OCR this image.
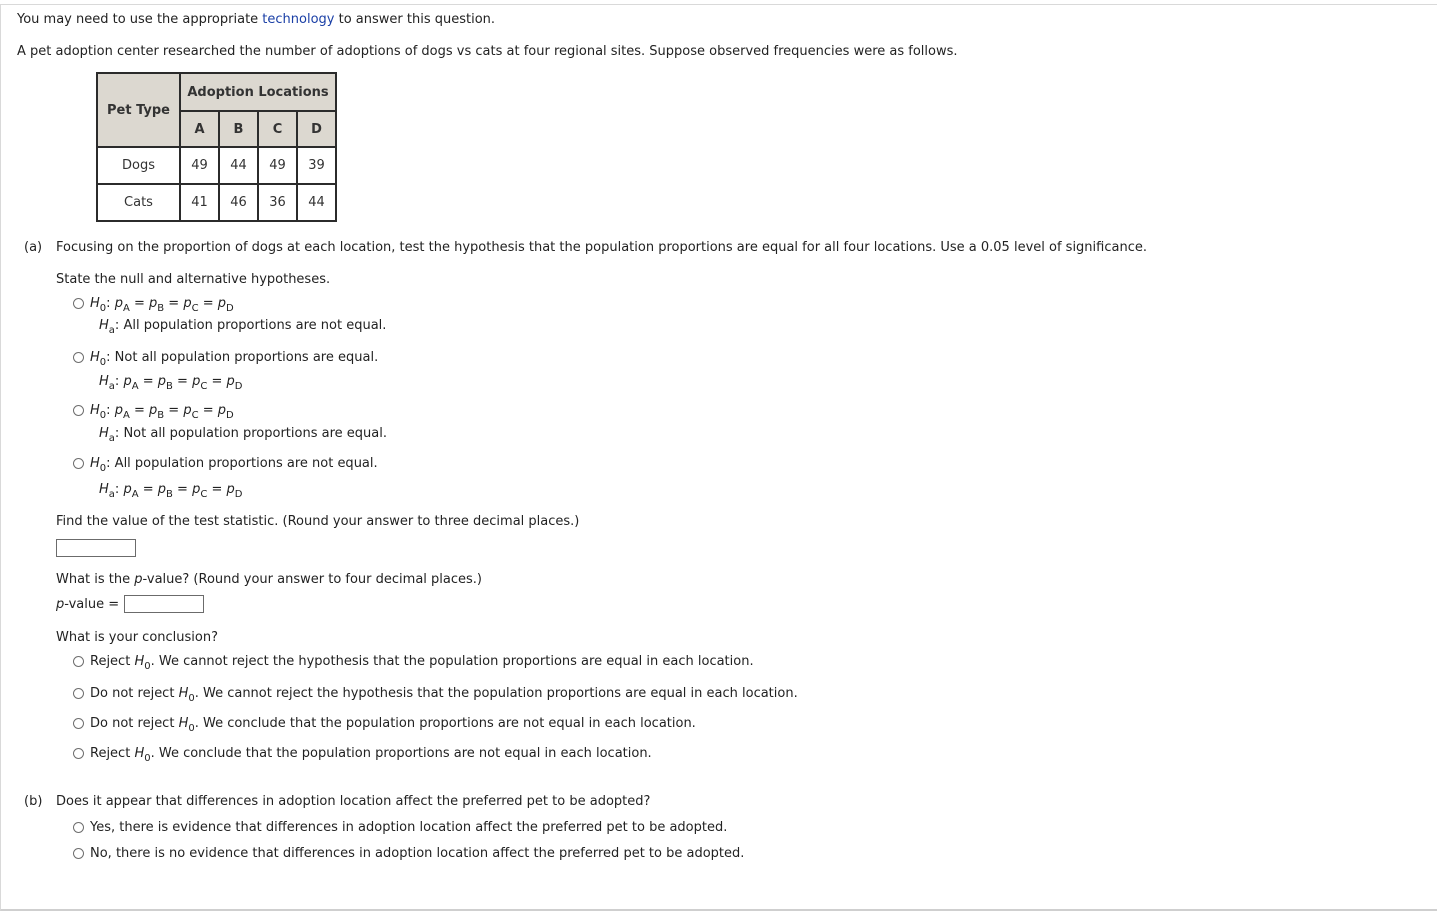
You may need to use the appropriate technology to answer this question.
A pet adoption center researched the number of adoptions of dogs vs cats at four regional sites. Suppose observed frequencies were as follows.
Pet Type	Adoption Locations			
	A	B	C	D
Dogs	49	44	49	39
Cats	41	46	36	44
(a) Focusing on the proportion of dogs at each location, test the hypothesis that the population proportions are equal for all four locations. Use a 0.05 level of significance.
State the null and alternative hypotheses.
$H_0$: $p_A = p_B = p_C = p_D$
$H_a$: All population proportions are not equal.
$H_0$: Not all population proportions are equal.
$H_a$: $p_A = p_B = p_C = p_D$
$H_0$: $p_A = p_B = p_C = p_D$
$H_a$: Not all population proportions are equal.
$H_0$: All population proportions are not equal.
$H_a$: $p_A = p_B = p_C = p_D$
Find the value of the test statistic. (Round your answer to three decimal places.)
What is the p-value? (Round your answer to four decimal places.)
p-value =
What is your conclusion?
Reject $H_0$. We cannot reject the hypothesis that the population proportions are equal in each location.
Do not reject $H_0$. We cannot reject the hypothesis that the population proportions are equal in each location.
Do not reject $H_0$. We conclude that the population proportions are not equal in each location.
Reject $H_0$. We conclude that the population proportions are not equal in each location.
(b) Does it appear that differences in adoption location affect the preferred pet to be adopted?
Yes, there is evidence that differences in adoption location affect the preferred pet to be adopted.
No, there is no evidence that differences in adoption location affect the preferred pet to be adopted.
